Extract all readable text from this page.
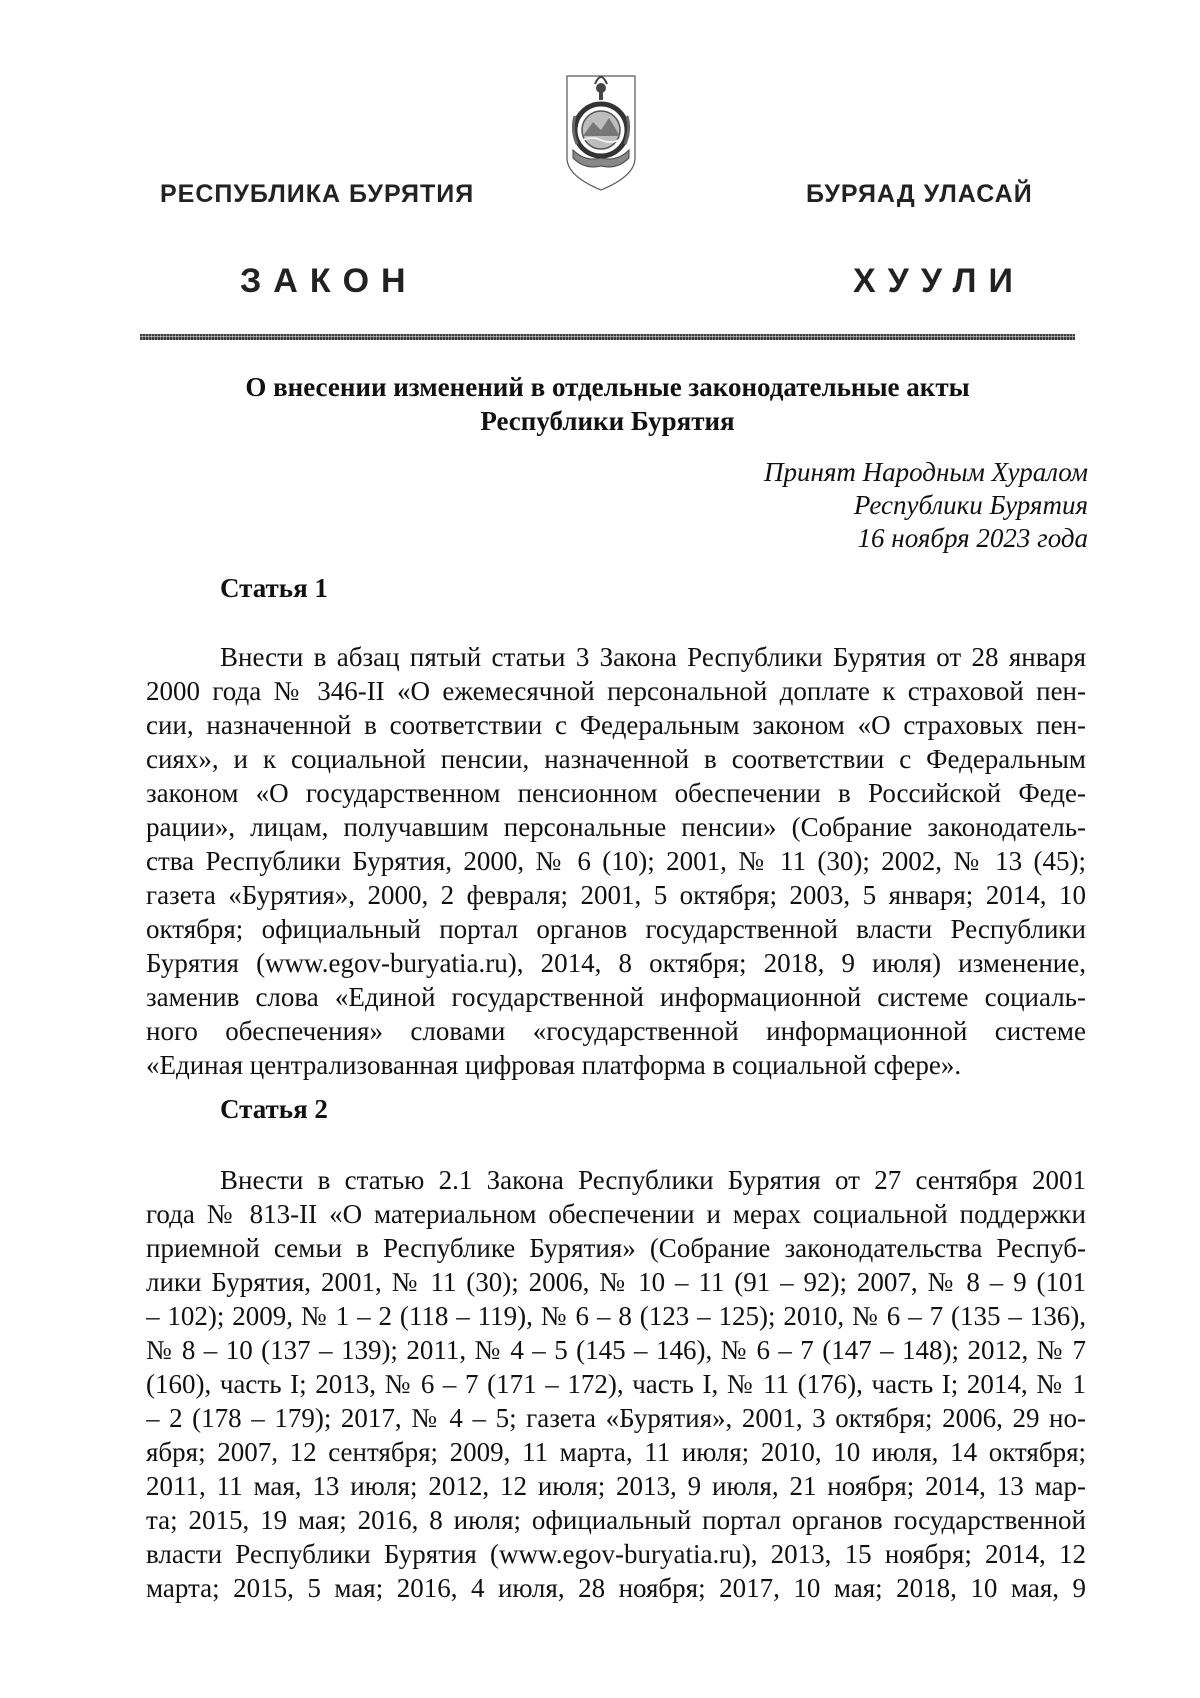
РЕСПУБЛИКА БУРЯТИЯ	БУРЯАД УЛАСАЙ
ЗАКОН	ХУУЛИ
О внесении изменений в отдельные законодательные акты
Республики Бурятия
Принят Народным Хуралом
Республики Бурятия
16 ноября 2023 года
Статья 1
Внести в абзац пятый статьи 3 Закона Республики Бурятия от 28 января
2000 года № 346-II «О ежемесячной персональной доплате к страховой пен-
сии, назначенной в соответствии с Федеральным законом «О страховых пен-
сиях», и к социальной пенсии, назначенной в соответствии с Федеральным
законом «О государственном пенсионном обеспечении в Российской Феде-
рации», лицам, получавшим персональные пенсии» (Собрание законодатель-
ства Республики Бурятия, 2000, № 6 (10); 2001, № 11 (30); 2002, № 13 (45);
газета «Бурятия», 2000, 2 февраля; 2001, 5 октября; 2003, 5 января; 2014, 10
октября; официальный портал органов государственной власти Республики
Бурятия (www.egov-buryatia.ru), 2014, 8 октября; 2018, 9 июля) изменение,
заменив слова «Единой государственной информационной системе социаль-
ного обеспечения» словами «государственной информационной системе
«Единая централизованная цифровая платформа в социальной сфере».
Статья 2
Внести в статью 2.1 Закона Республики Бурятия от 27 сентября 2001
года № 813-II «О материальном обеспечении и мерах социальной поддержки
приемной семьи в Республике Бурятия» (Собрание законодательства Респуб-
лики Бурятия, 2001, № 11 (30); 2006, № 10 – 11 (91 – 92); 2007, № 8 – 9 (101
– 102); 2009, № 1 – 2 (118 – 119), № 6 – 8 (123 – 125); 2010, № 6 – 7 (135 – 136),
№ 8 – 10 (137 – 139); 2011, № 4 – 5 (145 – 146), № 6 – 7 (147 – 148); 2012, № 7
(160), часть I; 2013, № 6 – 7 (171 – 172), часть I, № 11 (176), часть I; 2014, № 1
– 2 (178 – 179); 2017, № 4 – 5; газета «Бурятия», 2001, 3 октября; 2006, 29 но-
ября; 2007, 12 сентября; 2009, 11 марта, 11 июля; 2010, 10 июля, 14 октября;
2011, 11 мая, 13 июля; 2012, 12 июля; 2013, 9 июля, 21 ноября; 2014, 13 мар-
та; 2015, 19 мая; 2016, 8 июля; официальный портал органов государственной
власти Республики Бурятия (www.egov-buryatia.ru), 2013, 15 ноября; 2014, 12
марта; 2015, 5 мая; 2016, 4 июля, 28 ноября; 2017, 10 мая; 2018, 10 мая, 9
